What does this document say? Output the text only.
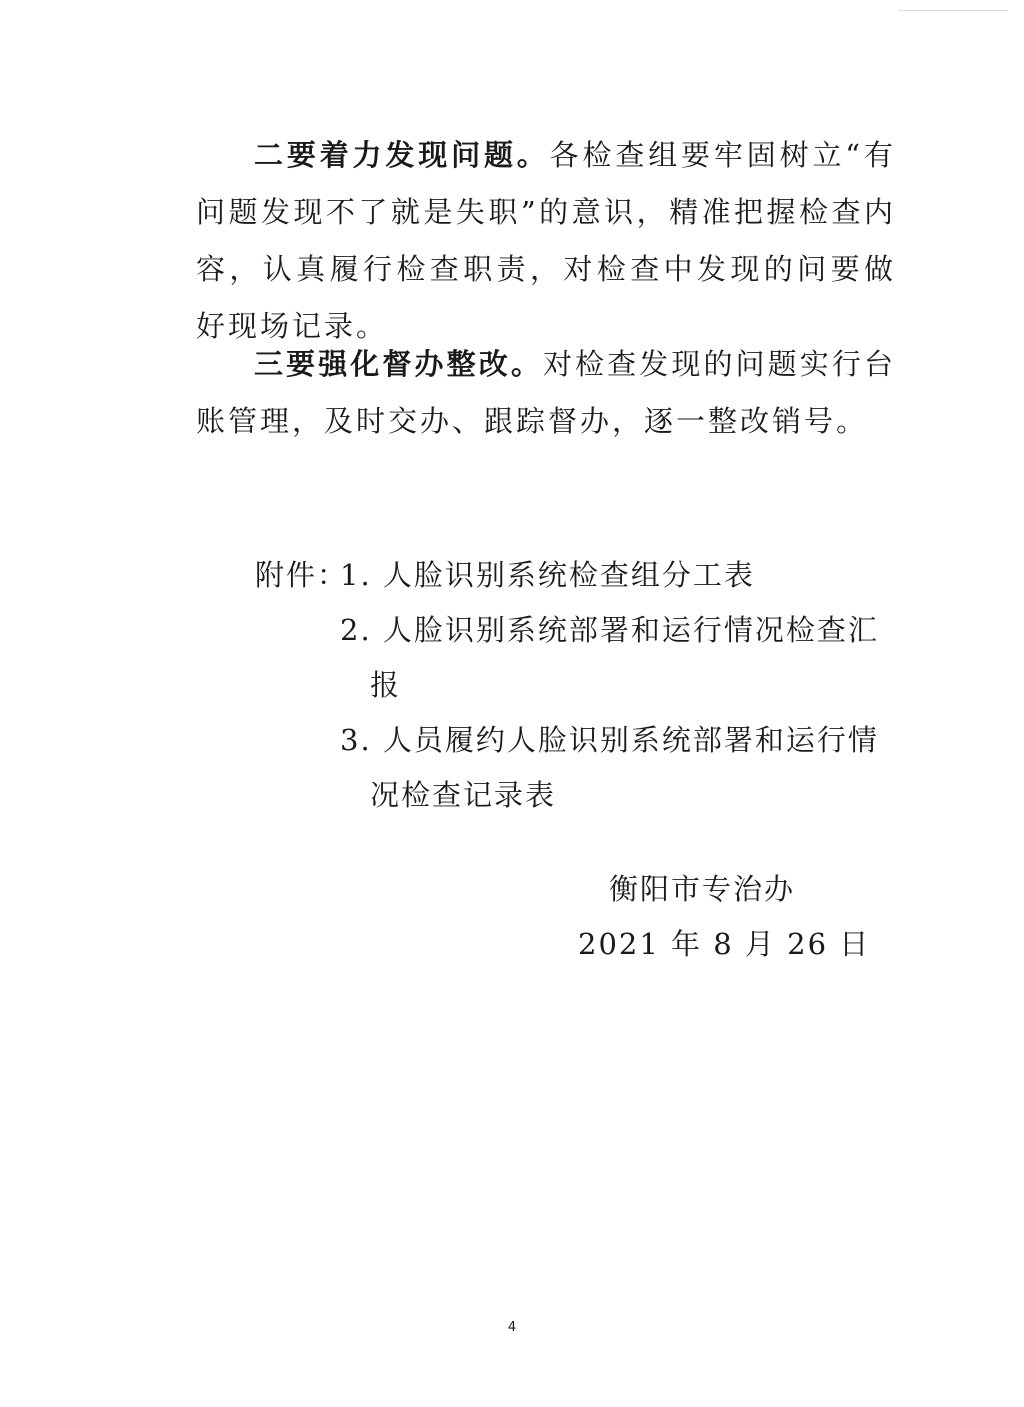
二要着力发现问题。各检查组要牢固树立“有问题发现不了就是失职”的意识，精准把握检查内容，认真履行检查职责，对检查中发现的问要做好现场记录。

三要强化督办整改。对检查发现的问题实行台账管理，及时交办、跟踪督办，逐一整改销号。

附件：
1. 人脸识别系统检查组分工表
2. 人脸识别系统部署和运行情况检查汇报
3. 人员履约人脸识别系统部署和运行情况检查记录表
衡阳市专治办
2021 年 8 月 26 日
4
